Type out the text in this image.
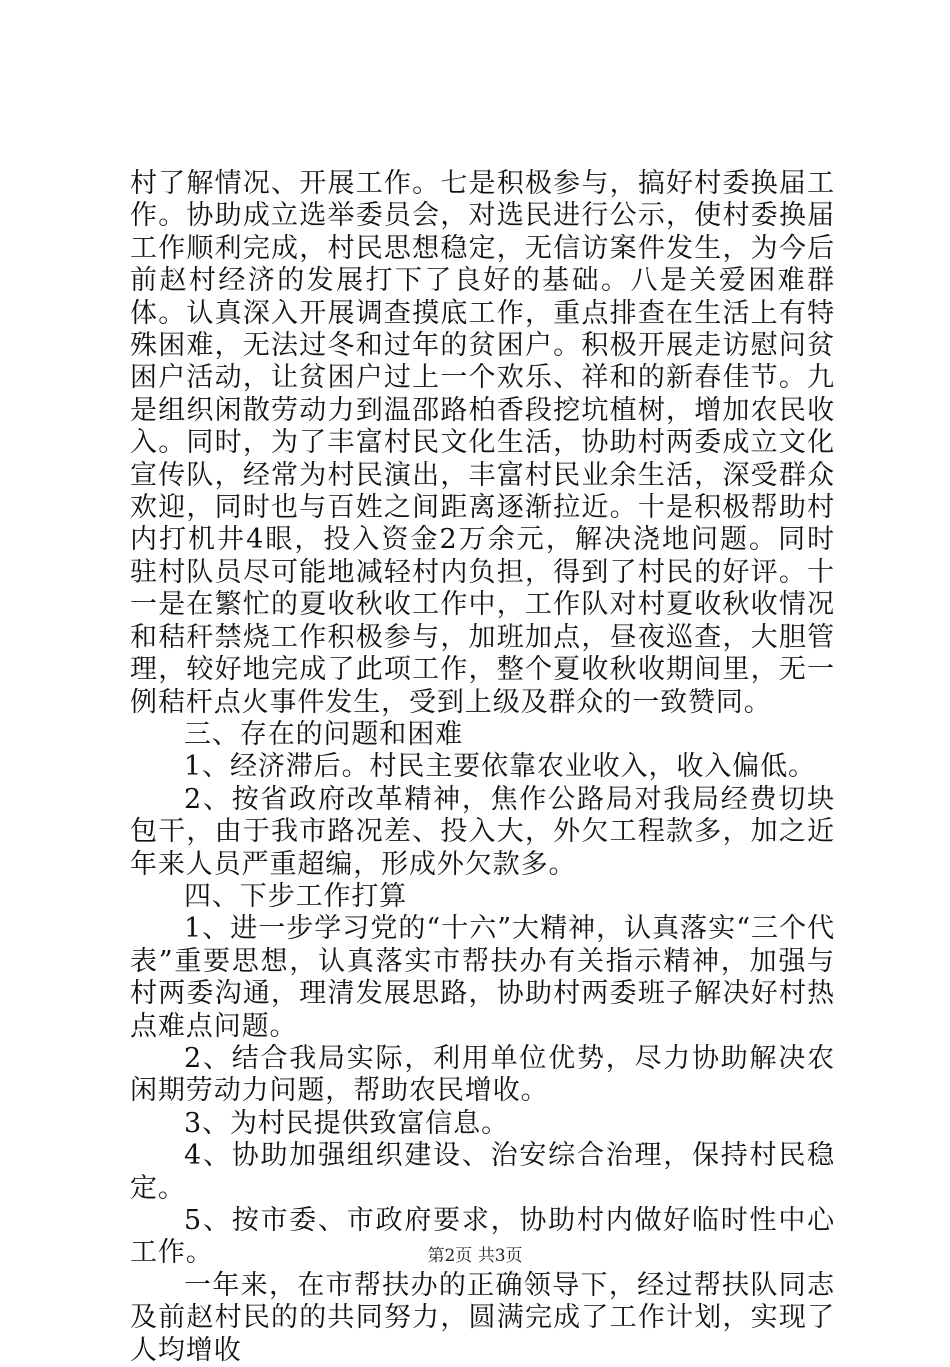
村了解情况、开展工作。七是积极参与，搞好村委换届工作。协助成立选举委员会，对选民进行公示，使村委换届工作顺利完成，村民思想稳定，无信访案件发生，为今后前赵村经济的发展打下了良好的基础。八是关爱困难群体。认真深入开展调查摸底工作，重点排查在生活上有特殊困难，无法过冬和过年的贫困户。积极开展走访慰问贫困户活动，让贫困户过上一个欢乐、祥和的新春佳节。九是组织闲散劳动力到温邵路柏香段挖坑植树，增加农民收入。同时，为了丰富村民文化生活，协助村两委成立文化宣传队，经常为村民演出，丰富村民业余生活，深受群众欢迎，同时也与百姓之间距离逐渐拉近。十是积极帮助村内打机井4眼，投入资金2万余元，解决浇地问题。同时驻村队员尽可能地减轻村内负担，得到了村民的好评。十一是在繁忙的夏收秋收工作中，工作队对村夏收秋收情况和秸秆禁烧工作积极参与，加班加点，昼夜巡查，大胆管理，较好地完成了此项工作，整个夏收秋收期间里，无一例秸杆点火事件发生，受到上级及群众的一致赞同。

三、存在的问题和困难

1、经济滞后。村民主要依靠农业收入，收入偏低。

2、按省政府改革精神，焦作公路局对我局经费切块包干，由于我市路况差、投入大，外欠工程款多，加之近年来人员严重超编，形成外欠款多。

四、下步工作打算

1、进一步学习党的“十六”大精神，认真落实“三个代表”重要思想，认真落实市帮扶办有关指示精神，加强与村两委沟通，理清发展思路，协助村两委班子解决好村热点难点问题。

2、结合我局实际，利用单位优势，尽力协助解决农闲期劳动力问题，帮助农民增收。

3、为村民提供致富信息。

4、协助加强组织建设、治安综合治理，保持村民稳定。

5、按市委、市政府要求，协助村内做好临时性中心工作。

一年来，在市帮扶办的正确领导下，经过帮扶队同志及前赵村民的的共同努力，圆满完成了工作计划，实现了人均增收

第2页 共3页
